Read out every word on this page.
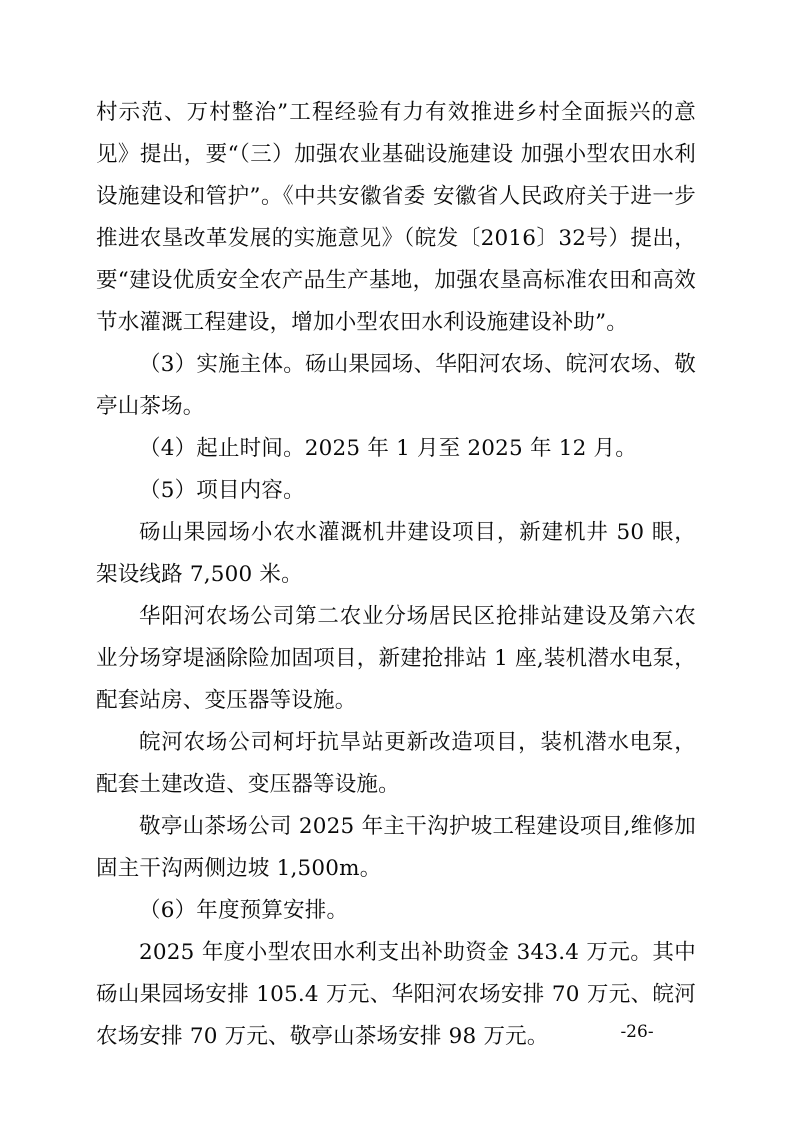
村示范、万村整治”工程经验有力有效推进乡村全面振兴的意见》提出，要“（三）加强农业基础设施建设 加强小型农田水利设施建设和管护”。《中共安徽省委 安徽省人民政府关于进一步推进农垦改革发展的实施意见》（皖发〔2016〕32号）提出，要“建设优质安全农产品生产基地，加强农垦高标准农田和高效节水灌溉工程建设，增加小型农田水利设施建设补助”。

（3）实施主体。砀山果园场、华阳河农场、皖河农场、敬亭山茶场。

（4）起止时间。2025 年 1 月至 2025 年 12 月。

（5）项目内容。

砀山果园场小农水灌溉机井建设项目，新建机井 50 眼，架设线路 7,500 米。

华阳河农场公司第二农业分场居民区抢排站建设及第六农业分场穿堤涵除险加固项目，新建抢排站 1 座,装机潜水电泵，配套站房、变压器等设施。

皖河农场公司柯圩抗旱站更新改造项目，装机潜水电泵，配套土建改造、变压器等设施。

敬亭山茶场公司 2025 年主干沟护坡工程建设项目,维修加固主干沟两侧边坡 1,500m。

（6）年度预算安排。

2025 年度小型农田水利支出补助资金 343.4 万元。其中砀山果园场安排 105.4 万元、华阳河农场安排 70 万元、皖河农场安排 70 万元、敬亭山茶场安排 98 万元。	-26-
